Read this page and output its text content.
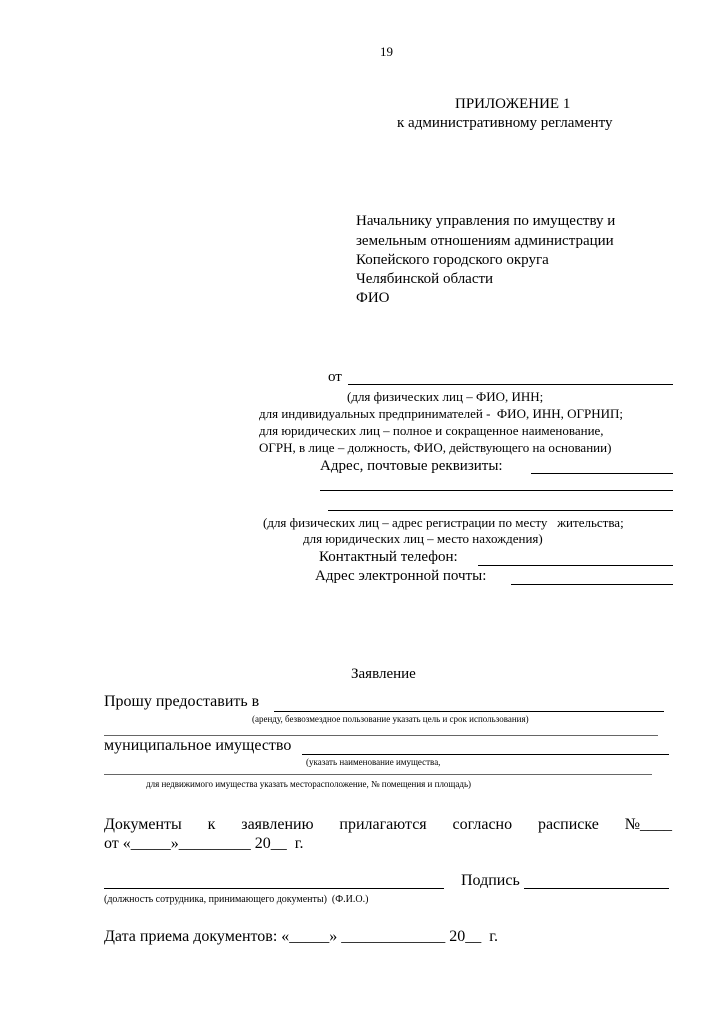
19
ПРИЛОЖЕНИЕ 1
к административному регламенту
Начальнику управления по имуществу и
земельным отношениям администрации
Копейского городского округа
Челябинской области
ФИО
от
(для физических лиц – ФИО, ИНН;
для индивидуальных предпринимателей -  ФИО, ИНН, ОГРНИП;
для юридических лиц – полное и сокращенное наименование,
ОГРН, в лице – должность, ФИО, действующего на основании)
Адрес, почтовые реквизиты:
(для физических лиц – адрес регистрации по месту   жительства;
для юридических лиц – место нахождения)
Контактный телефон:
Адрес электронной почты:
Заявление
Прошу предоставить в
(аренду, безвозмездное пользование указать цель и срок использования)
муниципальное имущество
(указать наименование имущества,
для недвижимого имущества указать месторасположение, № помещения и площадь)
Документы к заявлению прилагаются согласно расписке №____
от «_____»_________ 20__  г.
Подпись
(должность сотрудника, принимающего документы)  (Ф.И.О.)
Дата приема документов: «_____» _____________ 20__  г.
